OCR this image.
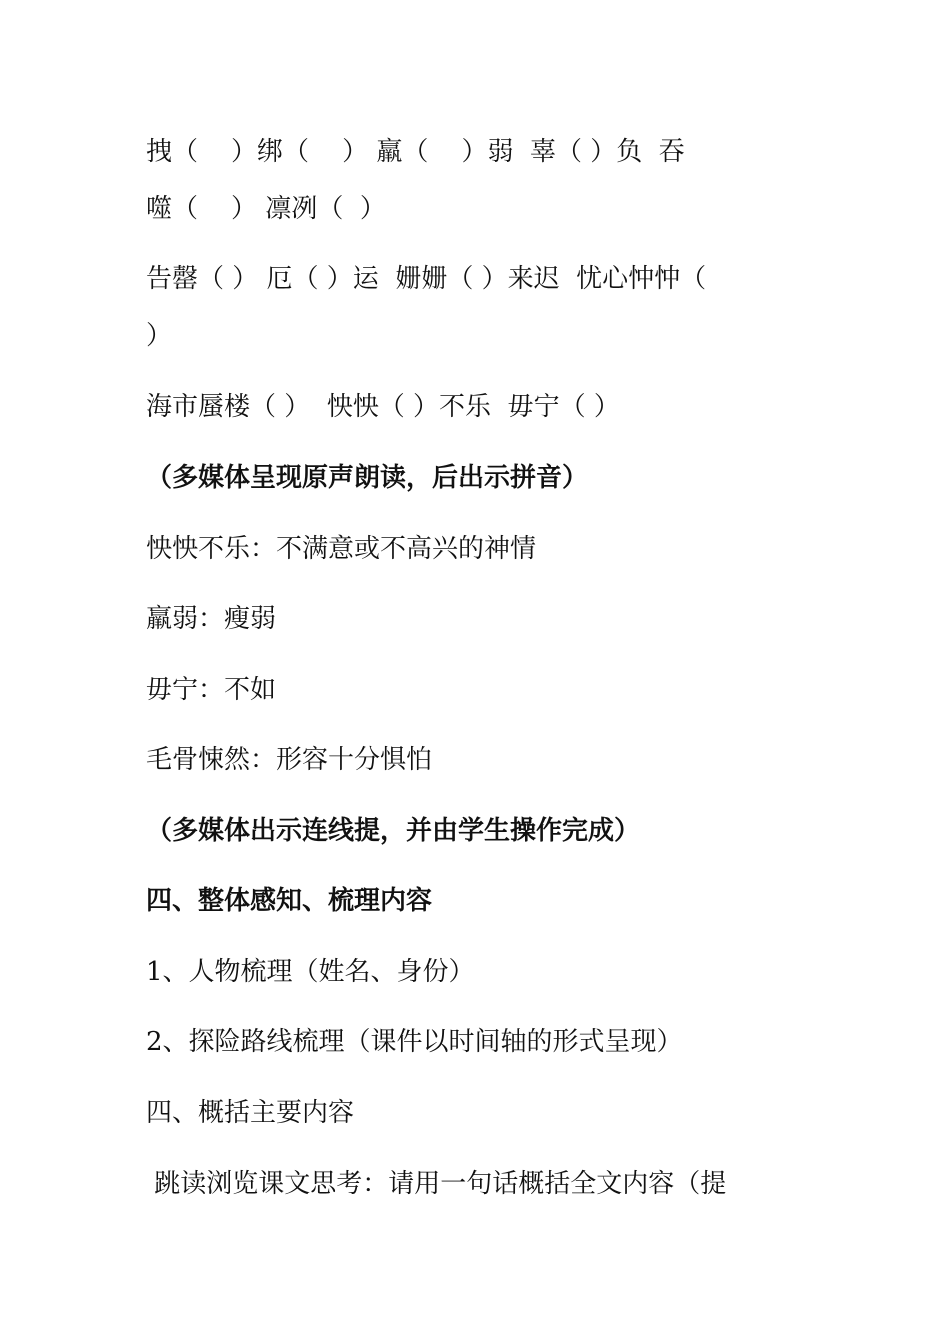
拽（    ）绑（    ） 羸（    ）弱  辜（ ）负  吞
噬（    ） 凛冽（  ）
告罄（ ） 厄（ ）运  姗姗（ ）来迟  忧心忡忡（
）
海市蜃楼（ ）  怏怏（ ）不乐  毋宁（ ）
（多媒体呈现原声朗读，后出示拼音）
怏怏不乐：不满意或不高兴的神情
羸弱：瘦弱
毋宁：不如
毛骨悚然：形容十分惧怕
（多媒体出示连线提，并由学生操作完成）
四、整体感知、梳理内容
1、人物梳理（姓名、身份）
2、探险路线梳理（课件以时间轴的形式呈现）
四、概括主要内容
跳读浏览课文思考：请用一句话概括全文内容（提
